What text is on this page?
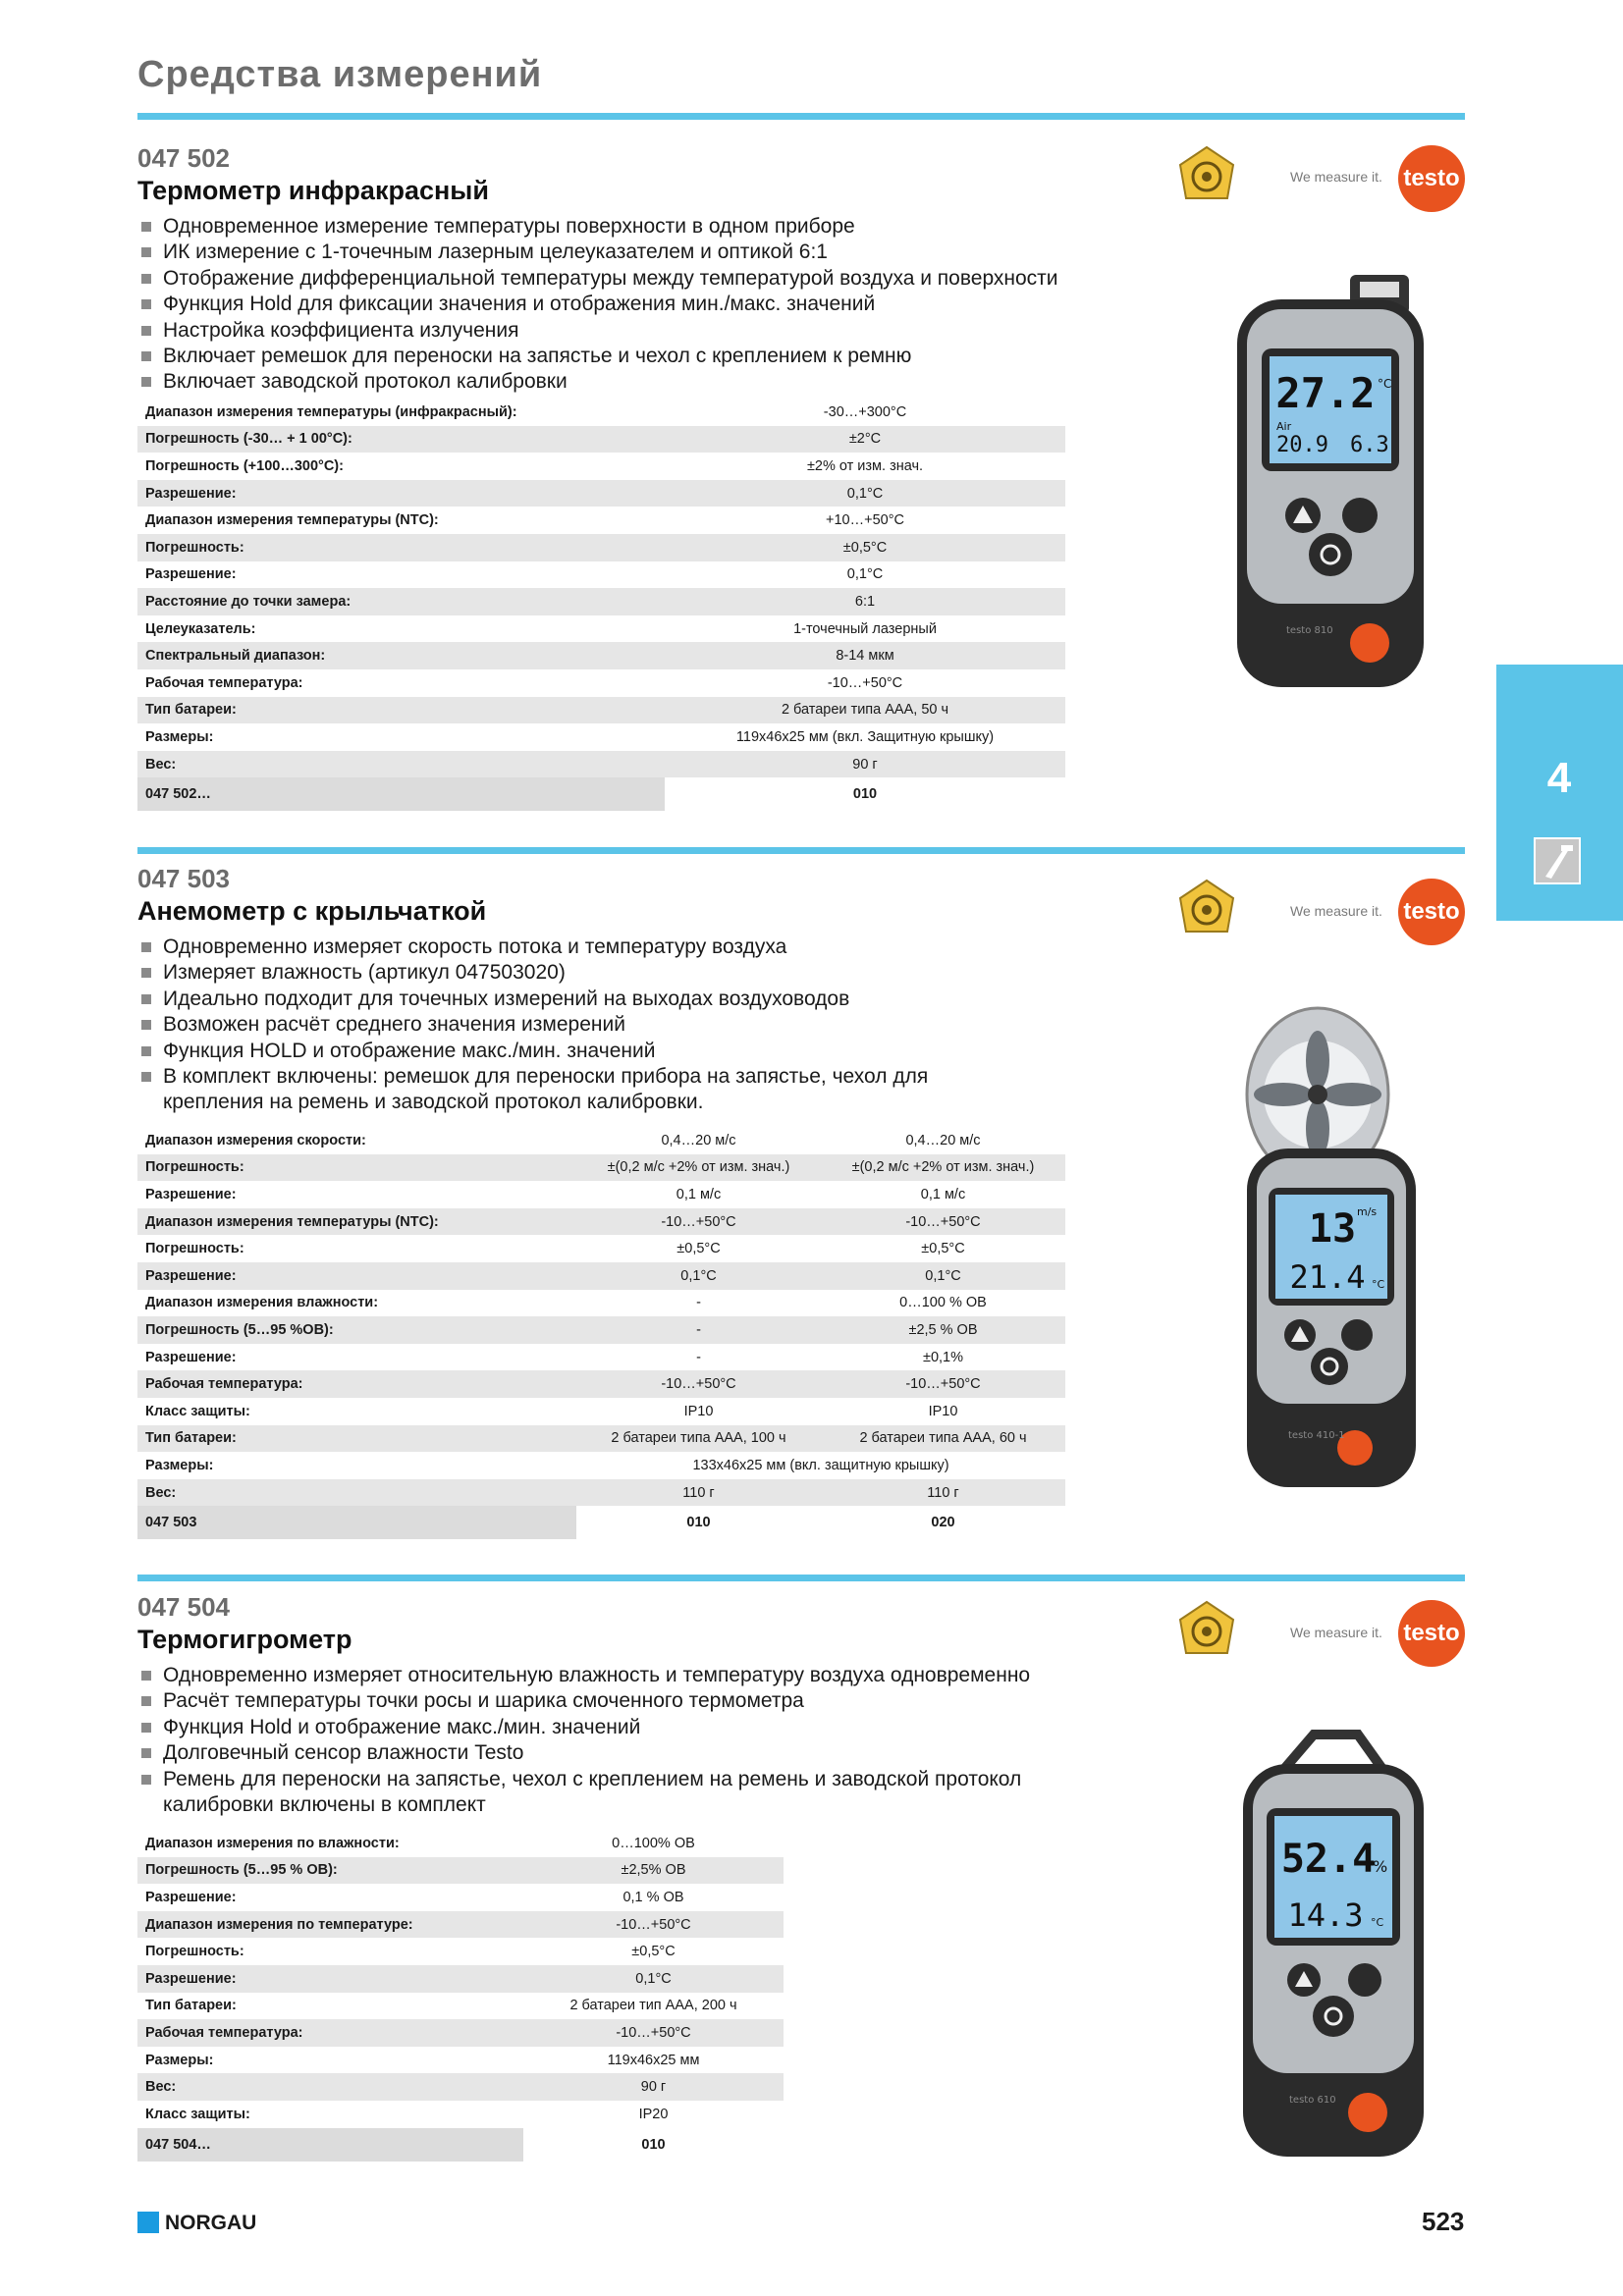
Средства измерений
4
047 502
Термометр инфракрасный
Одновременное измерение температуры поверхности в одном приборе
ИК измерение с 1-точечным лазерным целеуказателем и оптикой 6:1
Отображение дифференциальной температуры между температурой воздуха и поверхности
Функция Hold для фиксации значения и отображения мин./макс. значений
Настройка коэффициента излучения
Включает ремешок для переноски на запястье и чехол с креплением к ремню
Включает заводской протокол калибровки
Диапазон измерения температуры (инфракрасный):	-30…+300°C
Погрешность (-30… + 1 00°C):	±2°C
Погрешность (+100…300°C):	±2% от изм. знач.
Разрешение:	0,1°C
Диапазон измерения температуры (NTC):	+10…+50°C
Погрешность:	±0,5°C
Разрешение:	0,1°C
Расстояние до точки замера:	6:1
Целеуказатель:	1-точечный лазерный
Спектральный диапазон:	8-14 мкм
Рабочая температура:	-10…+50°C
Тип батареи:	2 батареи типа AAA, 50 ч
Размеры:	119x46x25 мм (вкл. Защитную крышку)
Вес:	90 г
047 502…	010
We measure it. testo
27.2 °C
Air
20.9 6.3
testo 810
047 503
Анемометр с крыльчаткой
Одновременно измеряет скорость потока и температуру воздуха
Измеряет влажность (артикул 047503020)
Идеально подходит для точечных измерений на выходах воздуховодов
Возможен расчёт среднего значения измерений
Функция HOLD и отображение макс./мин. значений
В комплект включены: ремешок для переноски прибора на запястье, чехол для крепления на ремень и заводской протокол калибровки.
Диапазон измерения скорости:	0,4…20 м/с	0,4…20 м/с
Погрешность:	±(0,2 м/с +2% от изм. знач.)	±(0,2 м/с +2% от изм. знач.)
Разрешение:	0,1 м/с	0,1 м/с
Диапазон измерения температуры (NTC):	-10…+50°C	-10…+50°C
Погрешность:	±0,5°C	±0,5°C
Разрешение:	0,1°C	0,1°C
Диапазон измерения влажности:	-	0…100 % ОВ
Погрешность (5…95 %ОВ):	-	±2,5 % ОВ
Разрешение:	-	±0,1%
Рабочая температура:	-10…+50°C	-10…+50°C
Класс защиты:	IP10	IP10
Тип батареи:	2 батареи типа AAA, 100 ч	2 батареи типа AAA, 60 ч
Размеры:	133x46x25 мм (вкл. защитную крышку)	
Вес:	110 г	110 г
047 503	010	020
We measure it. testo
13 m/s
21.4 °C
testo 410-1
047 504
Термогигрометр
Одновременно измеряет относительную влажность и температуру воздуха одновременно
Расчёт температуры точки росы и шарика смоченного термометра
Функция Hold и отображение макс./мин. значений
Долговечный сенсор влажности Testo
Ремень для переноски на запястье, чехол с креплением на ремень и заводской протокол калибровки включены в комплект
Диапазон измерения по влажности:	0…100% ОВ
Погрешность (5…95 % ОВ):	±2,5% ОВ
Разрешение:	0,1 % ОВ
Диапазон измерения по температуре:	-10…+50°C
Погрешность:	±0,5°C
Разрешение:	0,1°C
Тип батареи:	2 батареи тип AAA, 200 ч
Рабочая температура:	-10…+50°C
Размеры:	119x46x25 мм
Вес:	90 г
Класс защиты:	IP20
047 504…	010
We measure it. testo
52.4
%
14.3 °C
testo 610
NORGAU	523
